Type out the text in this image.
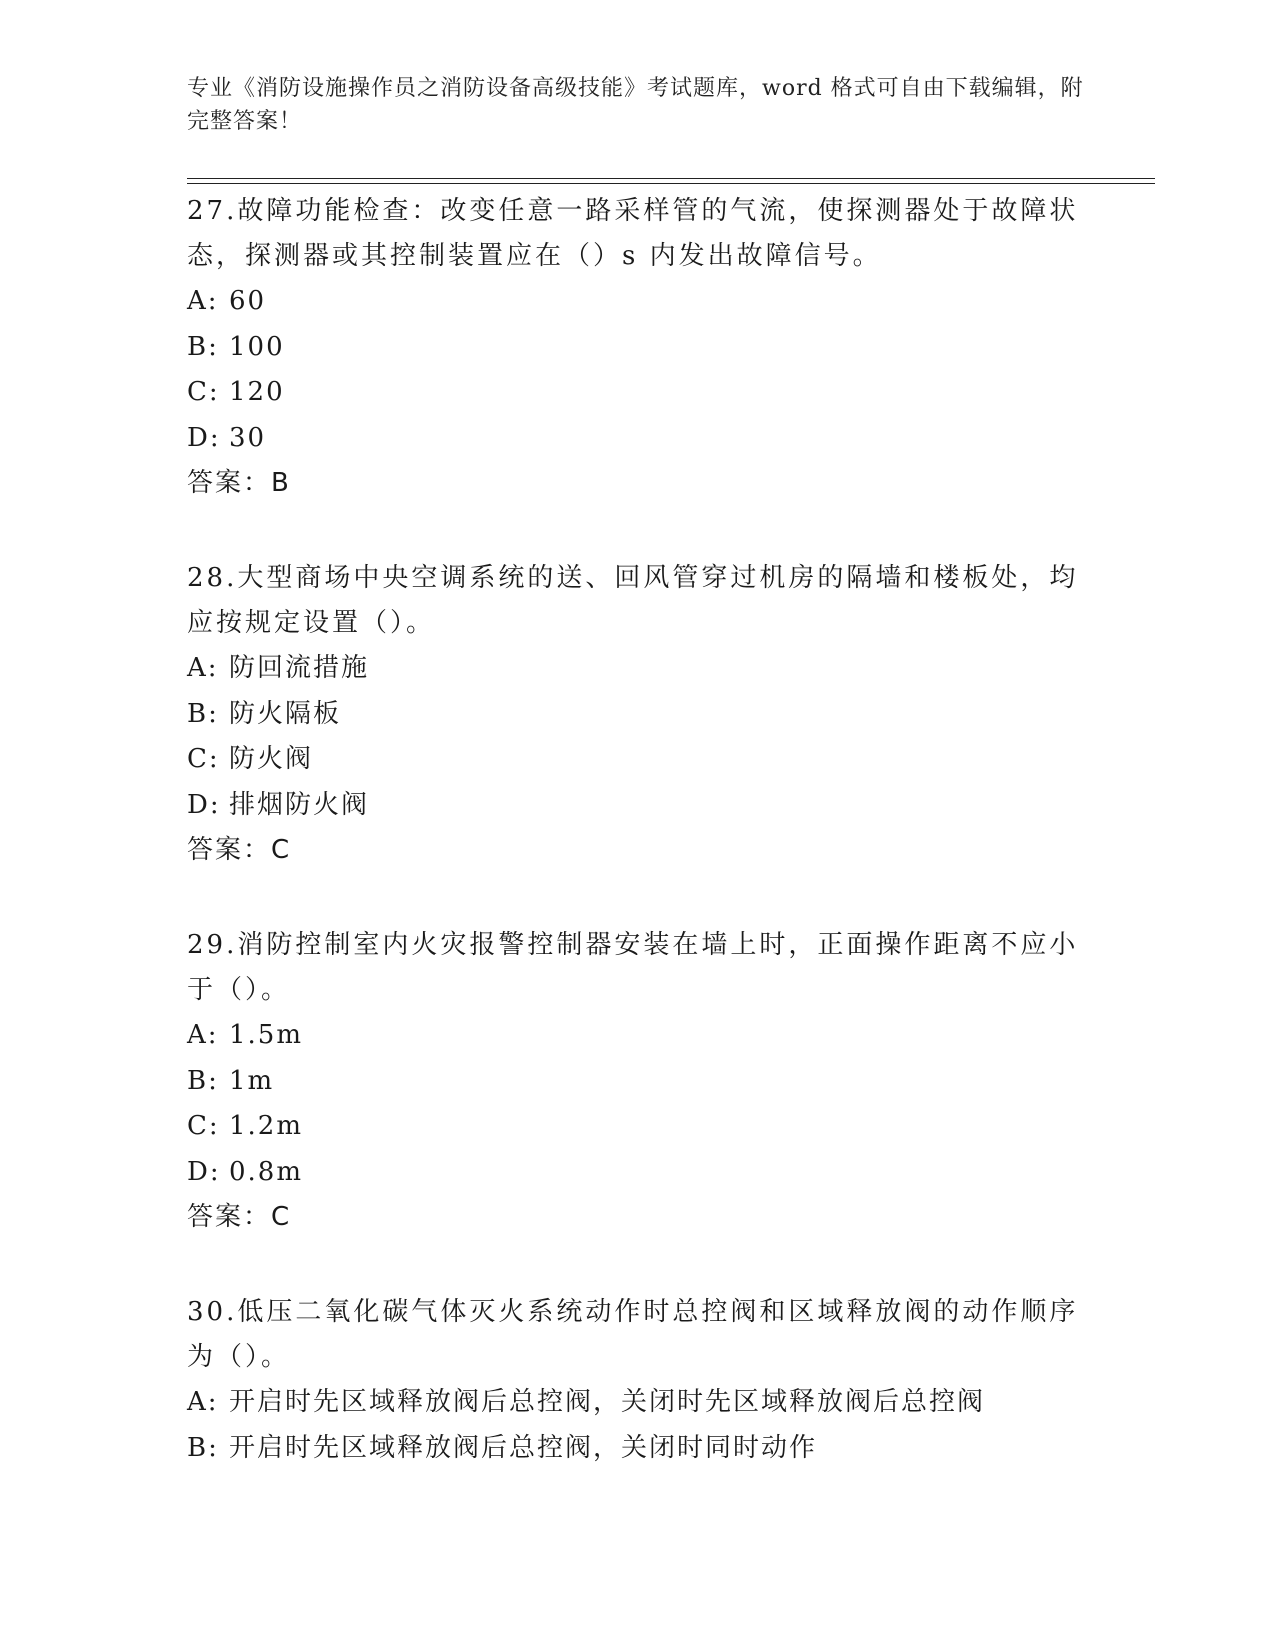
专业《消防设施操作员之消防设备高级技能》考试题库，word 格式可自由下载编辑，附完整答案！

27.故障功能检查：改变任意一路采样管的气流，使探测器处于故障状态，探测器或其控制装置应在（）s 内发出故障信号。

A: 60

B: 100

C: 120

D: 30

答案：B

28.大型商场中央空调系统的送、回风管穿过机房的隔墙和楼板处，均应按规定设置（）。

A: 防回流措施

B: 防火隔板

C: 防火阀

D: 排烟防火阀

答案：C

29.消防控制室内火灾报警控制器安装在墙上时，正面操作距离不应小于（）。

A: 1.5m

B: 1m

C: 1.2m

D: 0.8m

答案：C

30.低压二氧化碳气体灭火系统动作时总控阀和区域释放阀的动作顺序为（）。

A: 开启时先区域释放阀后总控阀，关闭时先区域释放阀后总控阀

B: 开启时先区域释放阀后总控阀，关闭时同时动作
